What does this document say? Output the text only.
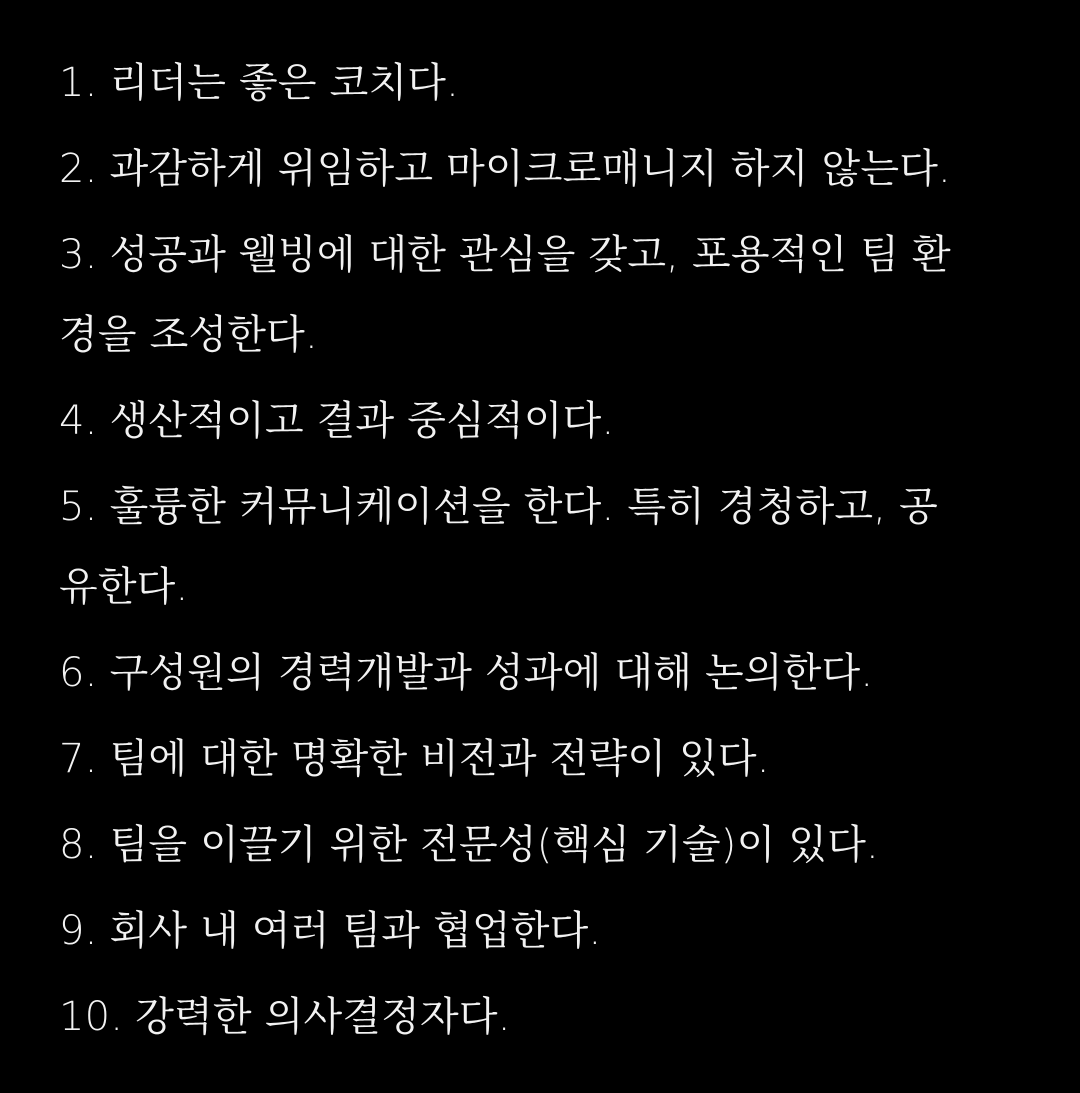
1. 리더는 좋은 코치다.
2. 과감하게 위임하고 마이크로매니지 하지 않는다.
3. 성공과 웰빙에 대한 관심을 갖고, 포용적인 팀 환
경을 조성한다.
4. 생산적이고 결과 중심적이다.
5. 훌륭한 커뮤니케이션을 한다. 특히 경청하고, 공
유한다.
6. 구성원의 경력개발과 성과에 대해 논의한다.
7. 팀에 대한 명확한 비전과 전략이 있다.
8. 팀을 이끌기 위한 전문성(핵심 기술)이 있다.
9. 회사 내 여러 팀과 협업한다.
10. 강력한 의사결정자다.
